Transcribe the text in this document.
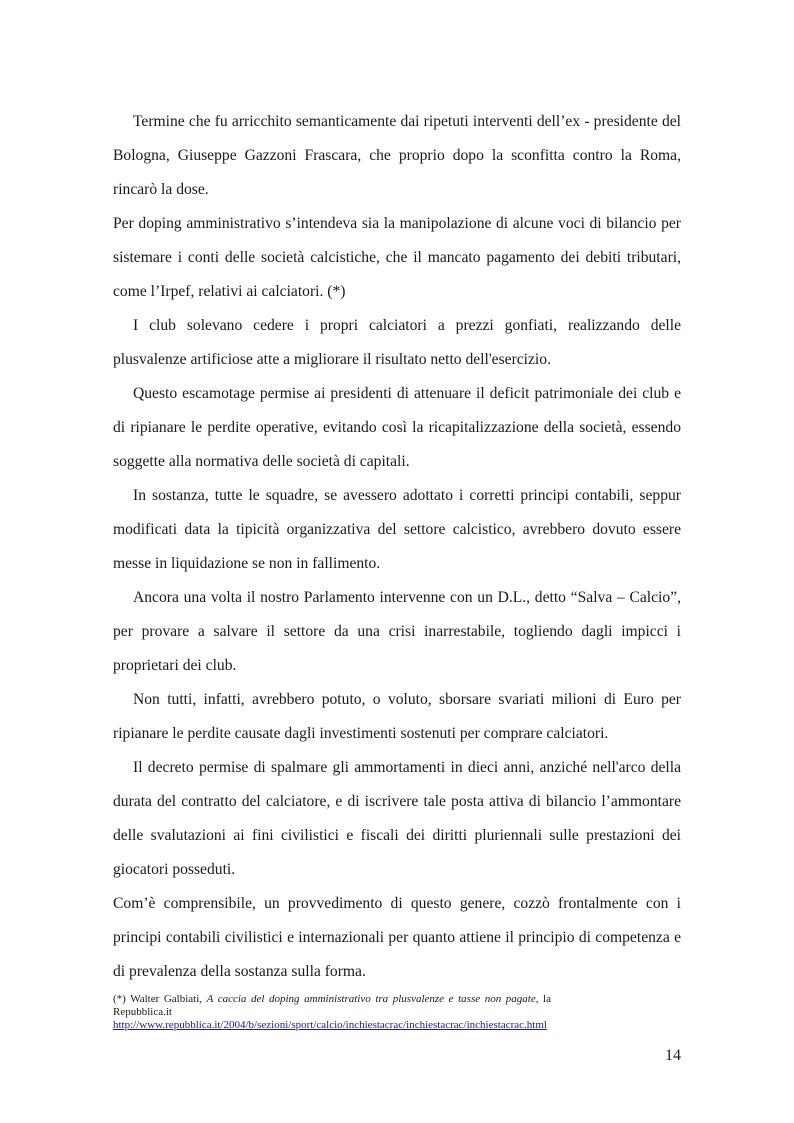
Termine che fu arricchito semanticamente dai ripetuti interventi dell’ex - presidente del Bologna, Giuseppe Gazzoni Frascara, che proprio dopo la sconfitta contro la Roma, rincarò la dose.

Per doping amministrativo s’intendeva sia la manipolazione di alcune voci di bilancio per sistemare i conti delle società calcistiche, che il mancato pagamento dei debiti tributari, come l’Irpef, relativi ai calciatori. (*)

I club solevano cedere i propri calciatori a prezzi gonfiati, realizzando delle plusvalenze artificiose atte a migliorare il risultato netto dell'esercizio.

Questo escamotage permise ai presidenti di attenuare il deficit patrimoniale dei club e di ripianare le perdite operative, evitando così la ricapitalizzazione della società, essendo soggette alla normativa delle società di capitali.

In sostanza, tutte le squadre, se avessero adottato i corretti principi contabili, seppur modificati data la tipicità organizzativa del settore calcistico, avrebbero dovuto essere messe in liquidazione se non in fallimento.

Ancora una volta il nostro Parlamento intervenne con un D.L., detto “Salva – Calcio”, per provare a salvare il settore da una crisi inarrestabile, togliendo dagli impicci i proprietari dei club.

Non tutti, infatti, avrebbero potuto, o voluto, sborsare svariati milioni di Euro per ripianare le perdite causate dagli investimenti sostenuti per comprare calciatori.

Il decreto permise di spalmare gli ammortamenti in dieci anni, anziché nell'arco della durata del contratto del calciatore, e di iscrivere tale posta attiva di bilancio l’ammontare delle svalutazioni ai fini civilistici e fiscali dei diritti pluriennali sulle prestazioni dei giocatori posseduti.

Com’è comprensibile, un provvedimento di questo genere, cozzò frontalmente con i principi contabili civilistici e internazionali per quanto attiene il principio di competenza e di prevalenza della sostanza sulla forma.

(*) Walter Galbiati, A caccia del doping amministrativo tra plusvalenze e tasse non pagate, la Repubblica.it
http://www.repubblica.it/2004/b/sezioni/sport/calcio/inchiestacrac/inchiestacrac/inchiestacrac.html
14
